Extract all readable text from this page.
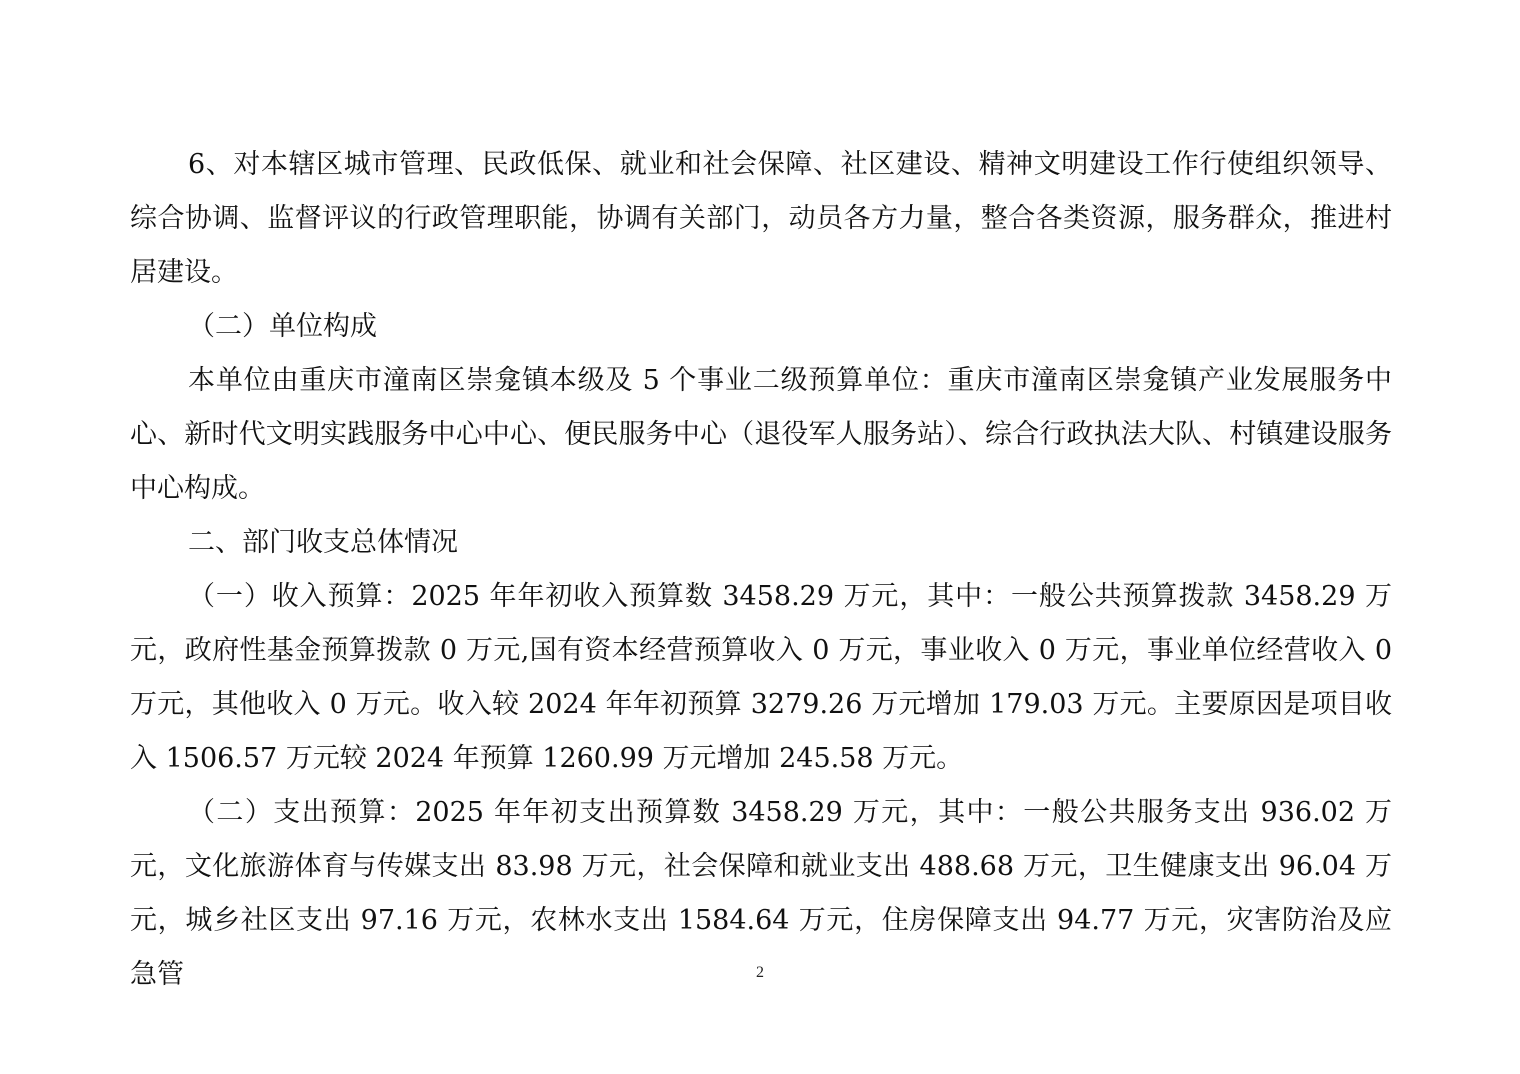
6、对本辖区城市管理、民政低保、就业和社会保障、社区建设、精神文明建设工作行使组织领导、综合协调、监督评议的行政管理职能，协调有关部门，动员各方力量，整合各类资源，服务群众，推进村居建设。

（二）单位构成

本单位由重庆市潼南区崇龛镇本级及 5 个事业二级预算单位：重庆市潼南区崇龛镇产业发展服务中心、新时代文明实践服务中心中心、便民服务中心（退役军人服务站）、综合行政执法大队、村镇建设服务中心构成。

二、部门收支总体情况

（一）收入预算：2025 年年初收入预算数 3458.29 万元，其中：一般公共预算拨款 3458.29 万元，政府性基金预算拨款 0 万元,国有资本经营预算收入 0 万元，事业收入 0 万元，事业单位经营收入 0 万元，其他收入 0 万元。收入较 2024 年年初预算 3279.26 万元增加 179.03 万元。主要原因是项目收入 1506.57 万元较 2024 年预算 1260.99 万元增加 245.58 万元。

（二）支出预算：2025 年年初支出预算数 3458.29 万元，其中：一般公共服务支出 936.02 万元，文化旅游体育与传媒支出 83.98 万元，社会保障和就业支出 488.68 万元，卫生健康支出 96.04 万元，城乡社区支出 97.16 万元，农林水支出 1584.64 万元，住房保障支出 94.77 万元，灾害防治及应急管	2
